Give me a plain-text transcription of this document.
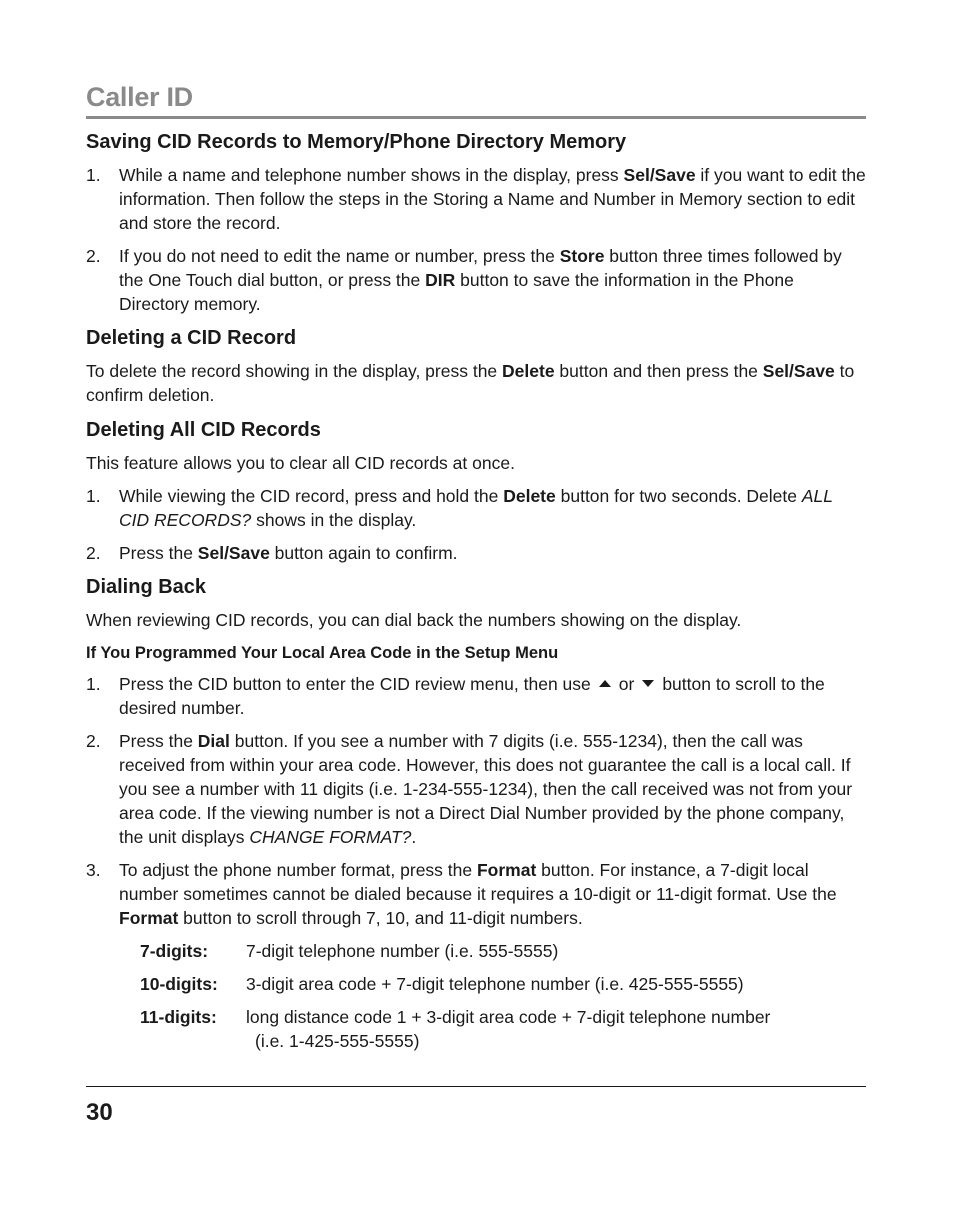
Caller ID
Saving CID Records to Memory/Phone Directory Memory
1.	While a name and telephone number shows in the display, press Sel/Save if you want to edit the information. Then follow the steps in the Storing a Name and Number in Memory section to edit and store the record.
2.	If you do not need to edit the name or number, press the Store button three times followed by the One Touch dial button, or press the DIR button to save the information in the Phone Directory memory.
Deleting a CID Record

To delete the record showing in the display, press the Delete button and then press the Sel/Save to confirm deletion.

Deleting All CID Records

This feature allows you to clear all CID records at once.

1.	While viewing the CID record, press and hold the Delete button for two seconds. Delete ALL CID RECORDS? shows in the display.
2.	Press the Sel/Save button again to confirm.
Dialing Back

When reviewing CID records, you can dial back the numbers showing on the display.

If You Programmed Your Local Area Code in the Setup Menu
1.	Press the CID button to enter the CID review menu, then use or button to scroll to the desired number.
2.	Press the Dial button. If you see a number with 7 digits (i.e. 555-1234), then the call was received from within your area code. However, this does not guarantee the call is a local call. If you see a number with 11 digits (i.e. 1-234-555-1234), then the call received was not from your area code. If the viewing number is not a Direct Dial Number provided by the phone company, the unit displays CHANGE FORMAT?.
3.	To adjust the phone number format, press the Format button. For instance, a 7-digit local number sometimes cannot be dialed because it requires a 10-digit or 11-digit format. Use the Format button to scroll through 7, 10, and 11-digit numbers.
7-digits:	7-digit telephone number (i.e. 555-5555)
10-digits:	3-digit area code + 7-digit telephone number (i.e. 425-555-5555)
11-digits:	long distance code 1 + 3-digit area code + 7-digit telephone number
(i.e. 1-425-555-5555)
30
